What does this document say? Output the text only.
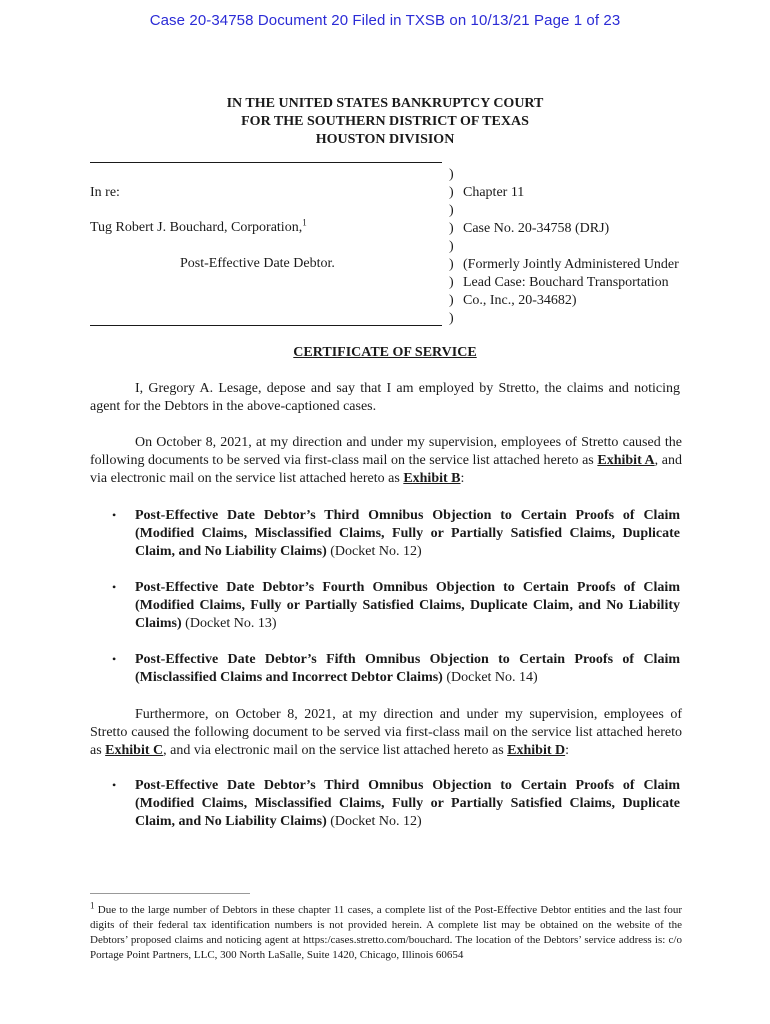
Case 20-34758 Document 20 Filed in TXSB on 10/13/21 Page 1 of 23
IN THE UNITED STATES BANKRUPTCY COURT
FOR THE SOUTHERN DISTRICT OF TEXAS
HOUSTON DIVISION
In re:
Tug Robert J. Bouchard, Corporation,$^1$
Post-Effective Date Debtor.
)
)
)
)
)
)
)
)
)
Chapter 11
Case No. 20-34758 (DRJ)
(Formerly Jointly Administered Under
Lead Case: Bouchard Transportation
Co., Inc., 20-34682)
CERTIFICATE OF SERVICE
I, Gregory A. Lesage, depose and say that I am employed by Stretto, the claims and noticing agent for the Debtors in the above-captioned cases.
On October 8, 2021, at my direction and under my supervision, employees of Stretto caused the following documents to be served via first-class mail on the service list attached hereto as Exhibit A, and via electronic mail on the service list attached hereto as Exhibit B:
• Post-Effective Date Debtor’s Third Omnibus Objection to Certain Proofs of Claim (Modified Claims, Misclassified Claims, Fully or Partially Satisfied Claims, Duplicate Claim, and No Liability Claims) (Docket No. 12)
• Post-Effective Date Debtor’s Fourth Omnibus Objection to Certain Proofs of Claim (Modified Claims, Fully or Partially Satisfied Claims, Duplicate Claim, and No Liability Claims) (Docket No. 13)
• Post-Effective Date Debtor’s Fifth Omnibus Objection to Certain Proofs of Claim (Misclassified Claims and Incorrect Debtor Claims) (Docket No. 14)
Furthermore, on October 8, 2021, at my direction and under my supervision, employees of Stretto caused the following document to be served via first-class mail on the service list attached hereto as Exhibit C, and via electronic mail on the service list attached hereto as Exhibit D:
• Post-Effective Date Debtor’s Third Omnibus Objection to Certain Proofs of Claim (Modified Claims, Misclassified Claims, Fully or Partially Satisfied Claims, Duplicate Claim, and No Liability Claims) (Docket No. 12)
$^1$ Due to the large number of Debtors in these chapter 11 cases, a complete list of the Post-Effective Debtor entities and the last four digits of their federal tax identification numbers is not provided herein. A complete list may be obtained on the website of the Debtors’ proposed claims and noticing agent at https:/cases.stretto.com/bouchard. The location of the Debtors’ service address is: c/o Portage Point Partners, LLC, 300 North LaSalle, Suite 1420, Chicago, Illinois 60654
